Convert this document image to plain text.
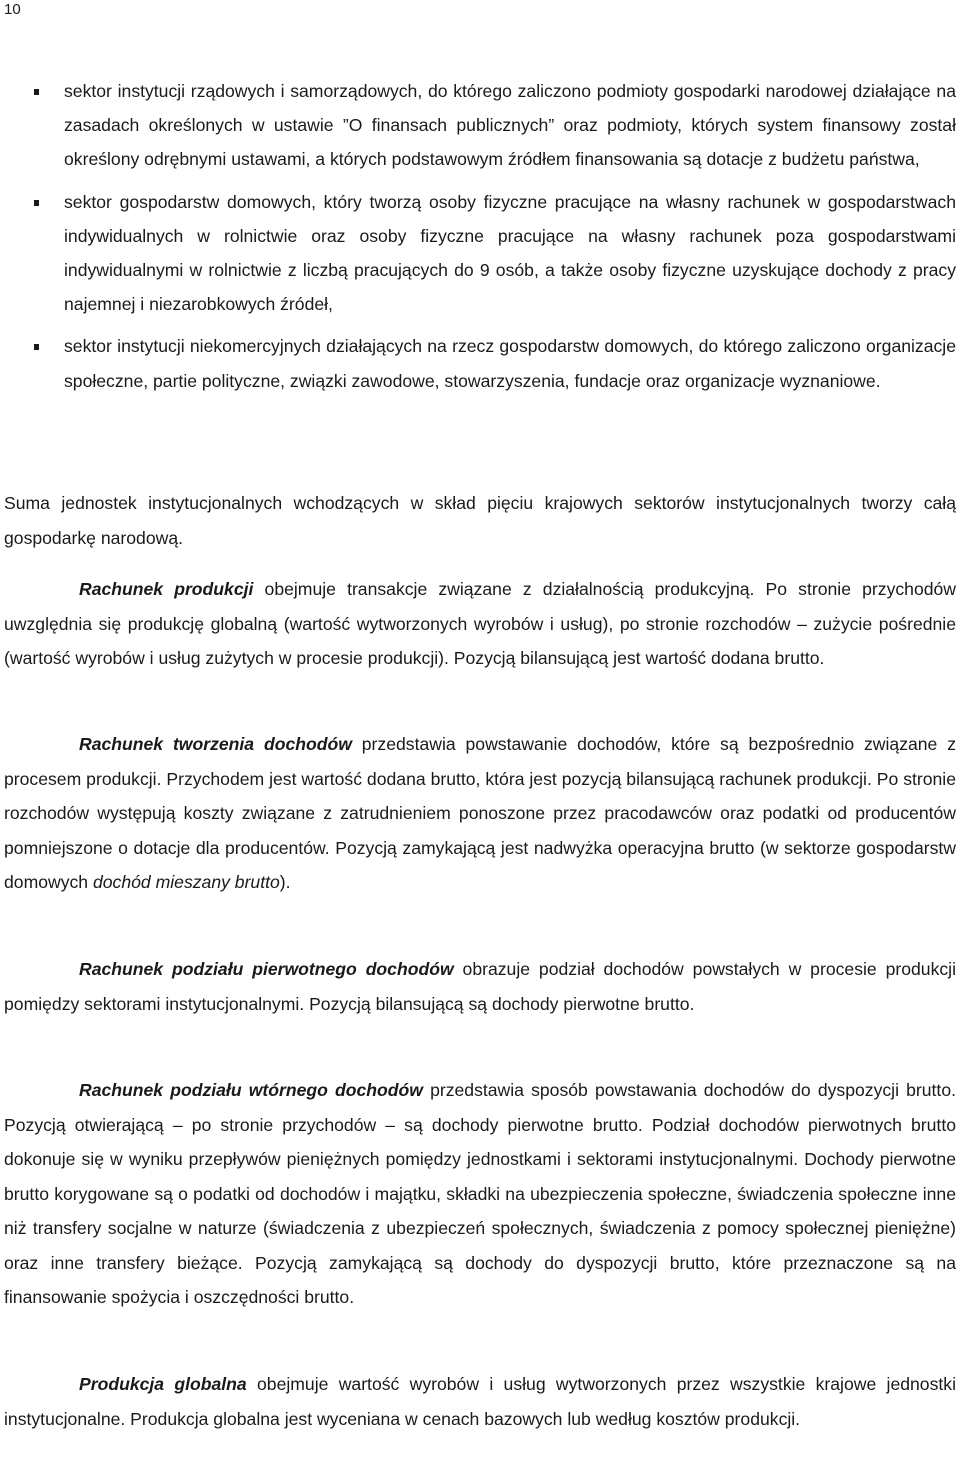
10
sektor instytucji rządowych i samorządowych, do którego zaliczono podmioty gospodarki narodowej działające na zasadach określonych w ustawie ”O finansach publicznych” oraz podmioty, których system finansowy został określony odrębnymi ustawami, a których podstawowym źródłem finansowania są dotacje z budżetu państwa,
sektor gospodarstw domowych, który tworzą osoby fizyczne pracujące na własny rachunek w gospodarstwach indywidualnych w rolnictwie oraz osoby fizyczne pracujące na własny rachunek poza gospodarstwami indywidualnymi w rolnictwie z liczbą pracujących do 9 osób, a także osoby fizyczne uzyskujące dochody z pracy najemnej i niezarobkowych źródeł,
sektor instytucji niekomercyjnych działających na rzecz gospodarstw domowych, do którego zaliczono organizacje społeczne, partie polityczne, związki zawodowe, stowarzyszenia, fundacje oraz organizacje wyznaniowe.

Suma jednostek instytucjonalnych wchodzących w skład pięciu krajowych sektorów instytucjonalnych tworzy całą gospodarkę narodową.

Rachunek produkcji obejmuje transakcje związane z działalnością produkcyjną. Po stronie przychodów uwzględnia się produkcję globalną (wartość wytworzonych wyrobów i usług), po stronie rozchodów – zużycie pośrednie (wartość wyrobów i usług zużytych w procesie produkcji). Pozycją bilansującą jest wartość dodana brutto.

Rachunek tworzenia dochodów przedstawia powstawanie dochodów, które są bezpośrednio związane z procesem produkcji. Przychodem jest wartość dodana brutto, która jest pozycją bilansującą rachunek produkcji. Po stronie rozchodów występują koszty związane z zatrudnieniem ponoszone przez pracodawców oraz podatki od producentów pomniejszone o dotacje dla producentów. Pozycją zamykającą jest nadwyżka operacyjna brutto (w sektorze gospodarstw domowych dochód mieszany brutto).

Rachunek podziału pierwotnego dochodów obrazuje podział dochodów powstałych w procesie produkcji pomiędzy sektorami instytucjonalnymi. Pozycją bilansującą są dochody pierwotne brutto.

Rachunek podziału wtórnego dochodów przedstawia sposób powstawania dochodów do dyspozycji brutto. Pozycją otwierającą – po stronie przychodów – są dochody pierwotne brutto. Podział dochodów pierwotnych brutto dokonuje się w wyniku przepływów pieniężnych pomiędzy jednostkami i sektorami instytucjonalnymi. Dochody pierwotne brutto korygowane są o podatki od dochodów i majątku, składki na ubezpieczenia społeczne, świadczenia społeczne inne niż transfery socjalne w naturze (świadczenia z ubezpieczeń społecznych, świadczenia z pomocy społecznej pieniężne) oraz inne transfery bieżące. Pozycją zamykającą są dochody do dyspozycji brutto, które przeznaczone są na finansowanie spożycia i oszczędności brutto.

Produkcja globalna obejmuje wartość wyrobów i usług wytworzonych przez wszystkie krajowe jednostki instytucjonalne. Produkcja globalna jest wyceniana w cenach bazowych lub według kosztów produkcji.
